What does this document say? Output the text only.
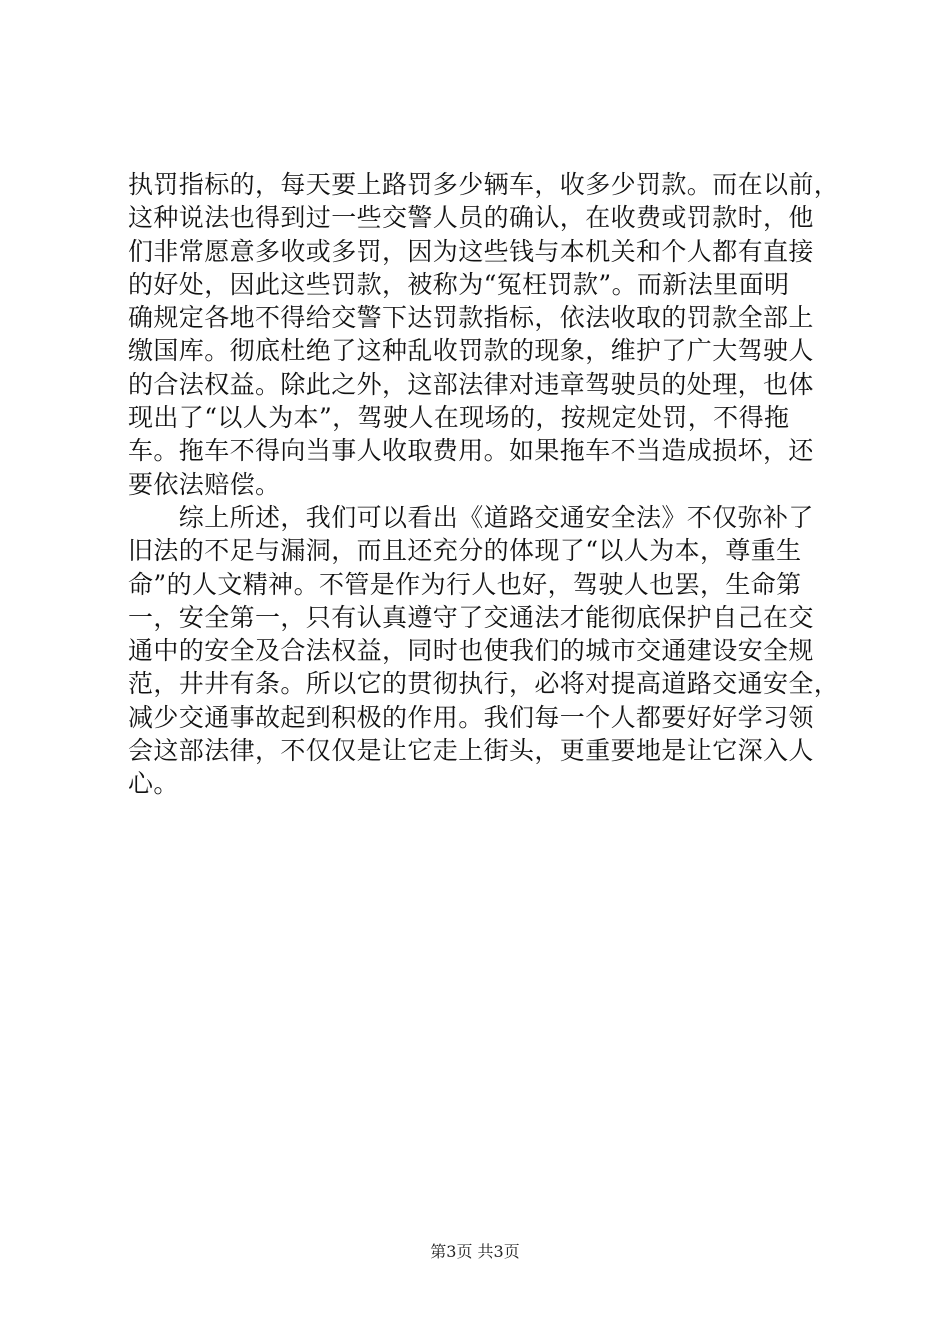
执罚指标的，每天要上路罚多少辆车，收多少罚款。而在以前，
这种说法也得到过一些交警人员的确认，在收费或罚款时，他
们非常愿意多收或多罚，因为这些钱与本机关和个人都有直接
的好处，因此这些罚款，被称为“冤枉罚款”。而新法里面明
确规定各地不得给交警下达罚款指标，依法收取的罚款全部上
缴国库。彻底杜绝了这种乱收罚款的现象，维护了广大驾驶人
的合法权益。除此之外，这部法律对违章驾驶员的处理，也体
现出了“以人为本”，驾驶人在现场的，按规定处罚，不得拖
车。拖车不得向当事人收取费用。如果拖车不当造成损坏，还
要依法赔偿。
　　综上所述，我们可以看出《道路交通安全法》不仅弥补了
旧法的不足与漏洞，而且还充分的体现了“以人为本，尊重生
命”的人文精神。不管是作为行人也好，驾驶人也罢，生命第
一，安全第一，只有认真遵守了交通法才能彻底保护自己在交
通中的安全及合法权益，同时也使我们的城市交通建设安全规
范，井井有条。所以它的贯彻执行，必将对提高道路交通安全，
减少交通事故起到积极的作用。我们每一个人都要好好学习领
会这部法律，不仅仅是让它走上街头，更重要地是让它深入人
心。
第3页 共3页
